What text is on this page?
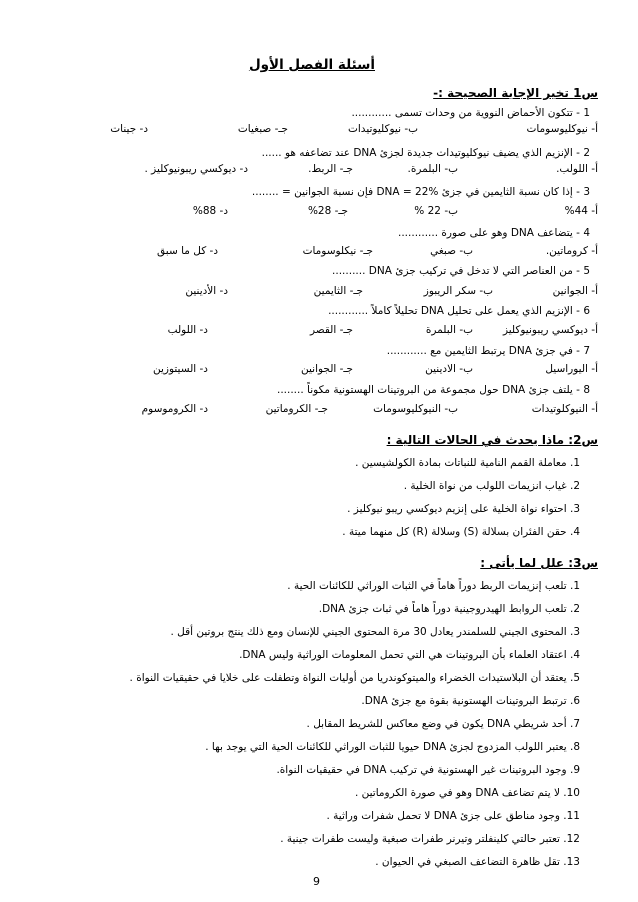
أسئلة الفصل الأول
س1 تخير الإجابة الصحيحة :-
1 - تتكون الأحماض النووية من وحدات تسمى ............
أ- نيوكليوسومات
ب- نيوكليوتيدات
جـ- صبغيات
د- جينات
2 - الإنزيم الذي يضيف نيوكليوتيدات جديدة لجزئ DNA عند تضاعفه هو ......
أ- اللولب.
ب- البلمرة.
جـ- الربط.
د- ديوكسي ريبونيوكليز .
3 - إذا كان نسبة الثايمين في جزئ DNA = 22% فإن نسبة الجوانين = ........
أ- 44%
ب- 22 %
جـ- 28%
د- 88%
4 - يتضاعف DNA وهو على صورة ............
أ- كروماتين.
ب- صبغي
جـ- نيكلوسومات
د- كل ما سبق
5 - من العناصر التي لا تدخل في تركيب جزئ DNA ..........
أ- الجوانين
ب- سكر الريبوز
جـ- الثايمين
د- الأدينين
6 - الإنزيم الذي يعمل على تحليل DNA تحليلاً كاملاً ............
أ- ديوكسي ريبونيوكليز
ب- البلمرة
جـ- القصر
د- اللولب
7 - في جزئ DNA يرتبط الثايمين مع ............
أ- اليوراسيل
ب- الادينين
جـ- الجوانين
د- السيتوزين
8 - يلتف جزئ DNA حول مجموعة من البروتينات الهستونية مكوناً ........
أ- النيوكلوتيدات
ب- النيوكليوسومات
جـ- الكروماتين
د- الكروموسوم
س2: ماذا يحدث في الحالات التالية :
1. معاملة القمم النامية للنباتات بمادة الكولشيسين .
2. غياب انزيمات اللولب من نواة الخلية .
3. احتواء نواة الخلية على إنزيم ديوكسي ريبو نيوكليز .
4. حقن الفئران بسلالة (S) وسلالة (R) كل منهما ميتة .
س3: علل لما يأتى :
1. تلعب إنزيمات الربط دوراً هاماً في الثبات الوراثي للكائنات الحية .
2. تلعب الروابط الهيدروجينية دوراً هاماً في ثبات جزئ DNA.
3. المحتوى الجيني للسلمندر يعادل 30 مرة المحتوى الجيني للإنسان ومع ذلك ينتج بروتين أقل .
4. اعتقاد العلماء بأن البروتينات هي التي تحمل المعلومات الوراثية وليس DNA.
5. يعتقد أن البلاستيدات الخضراء والميتوكوندريا من أوليات النواة وتطفلت على خلايا في حقيقيات النواة .
6. ترتبط البروتينات الهستونية بقوة مع جزئ DNA.
7. أحد شريطي DNA يكون في وضع معاكس للشريط المقابل .
8. يعتبر اللولب المزدوج لجزئ DNA حيويا للثبات الوراثي للكائنات الحية التي يوجد بها .
9. وجود البروتينات غير الهستونية في تركيب DNA في حقيقيات النواة.
10. لا يتم تضاعف DNA وهو في صورة الكروماتين .
11. وجود مناطق على جزئ DNA لا تحمل شفرات وراثية .
12. تعتبر حالتي كلينفلتر وتيرنر طفرات صبغية وليست طفرات جينية .
13. تقل ظاهرة التضاعف الصبغي في الحيوان .
9
